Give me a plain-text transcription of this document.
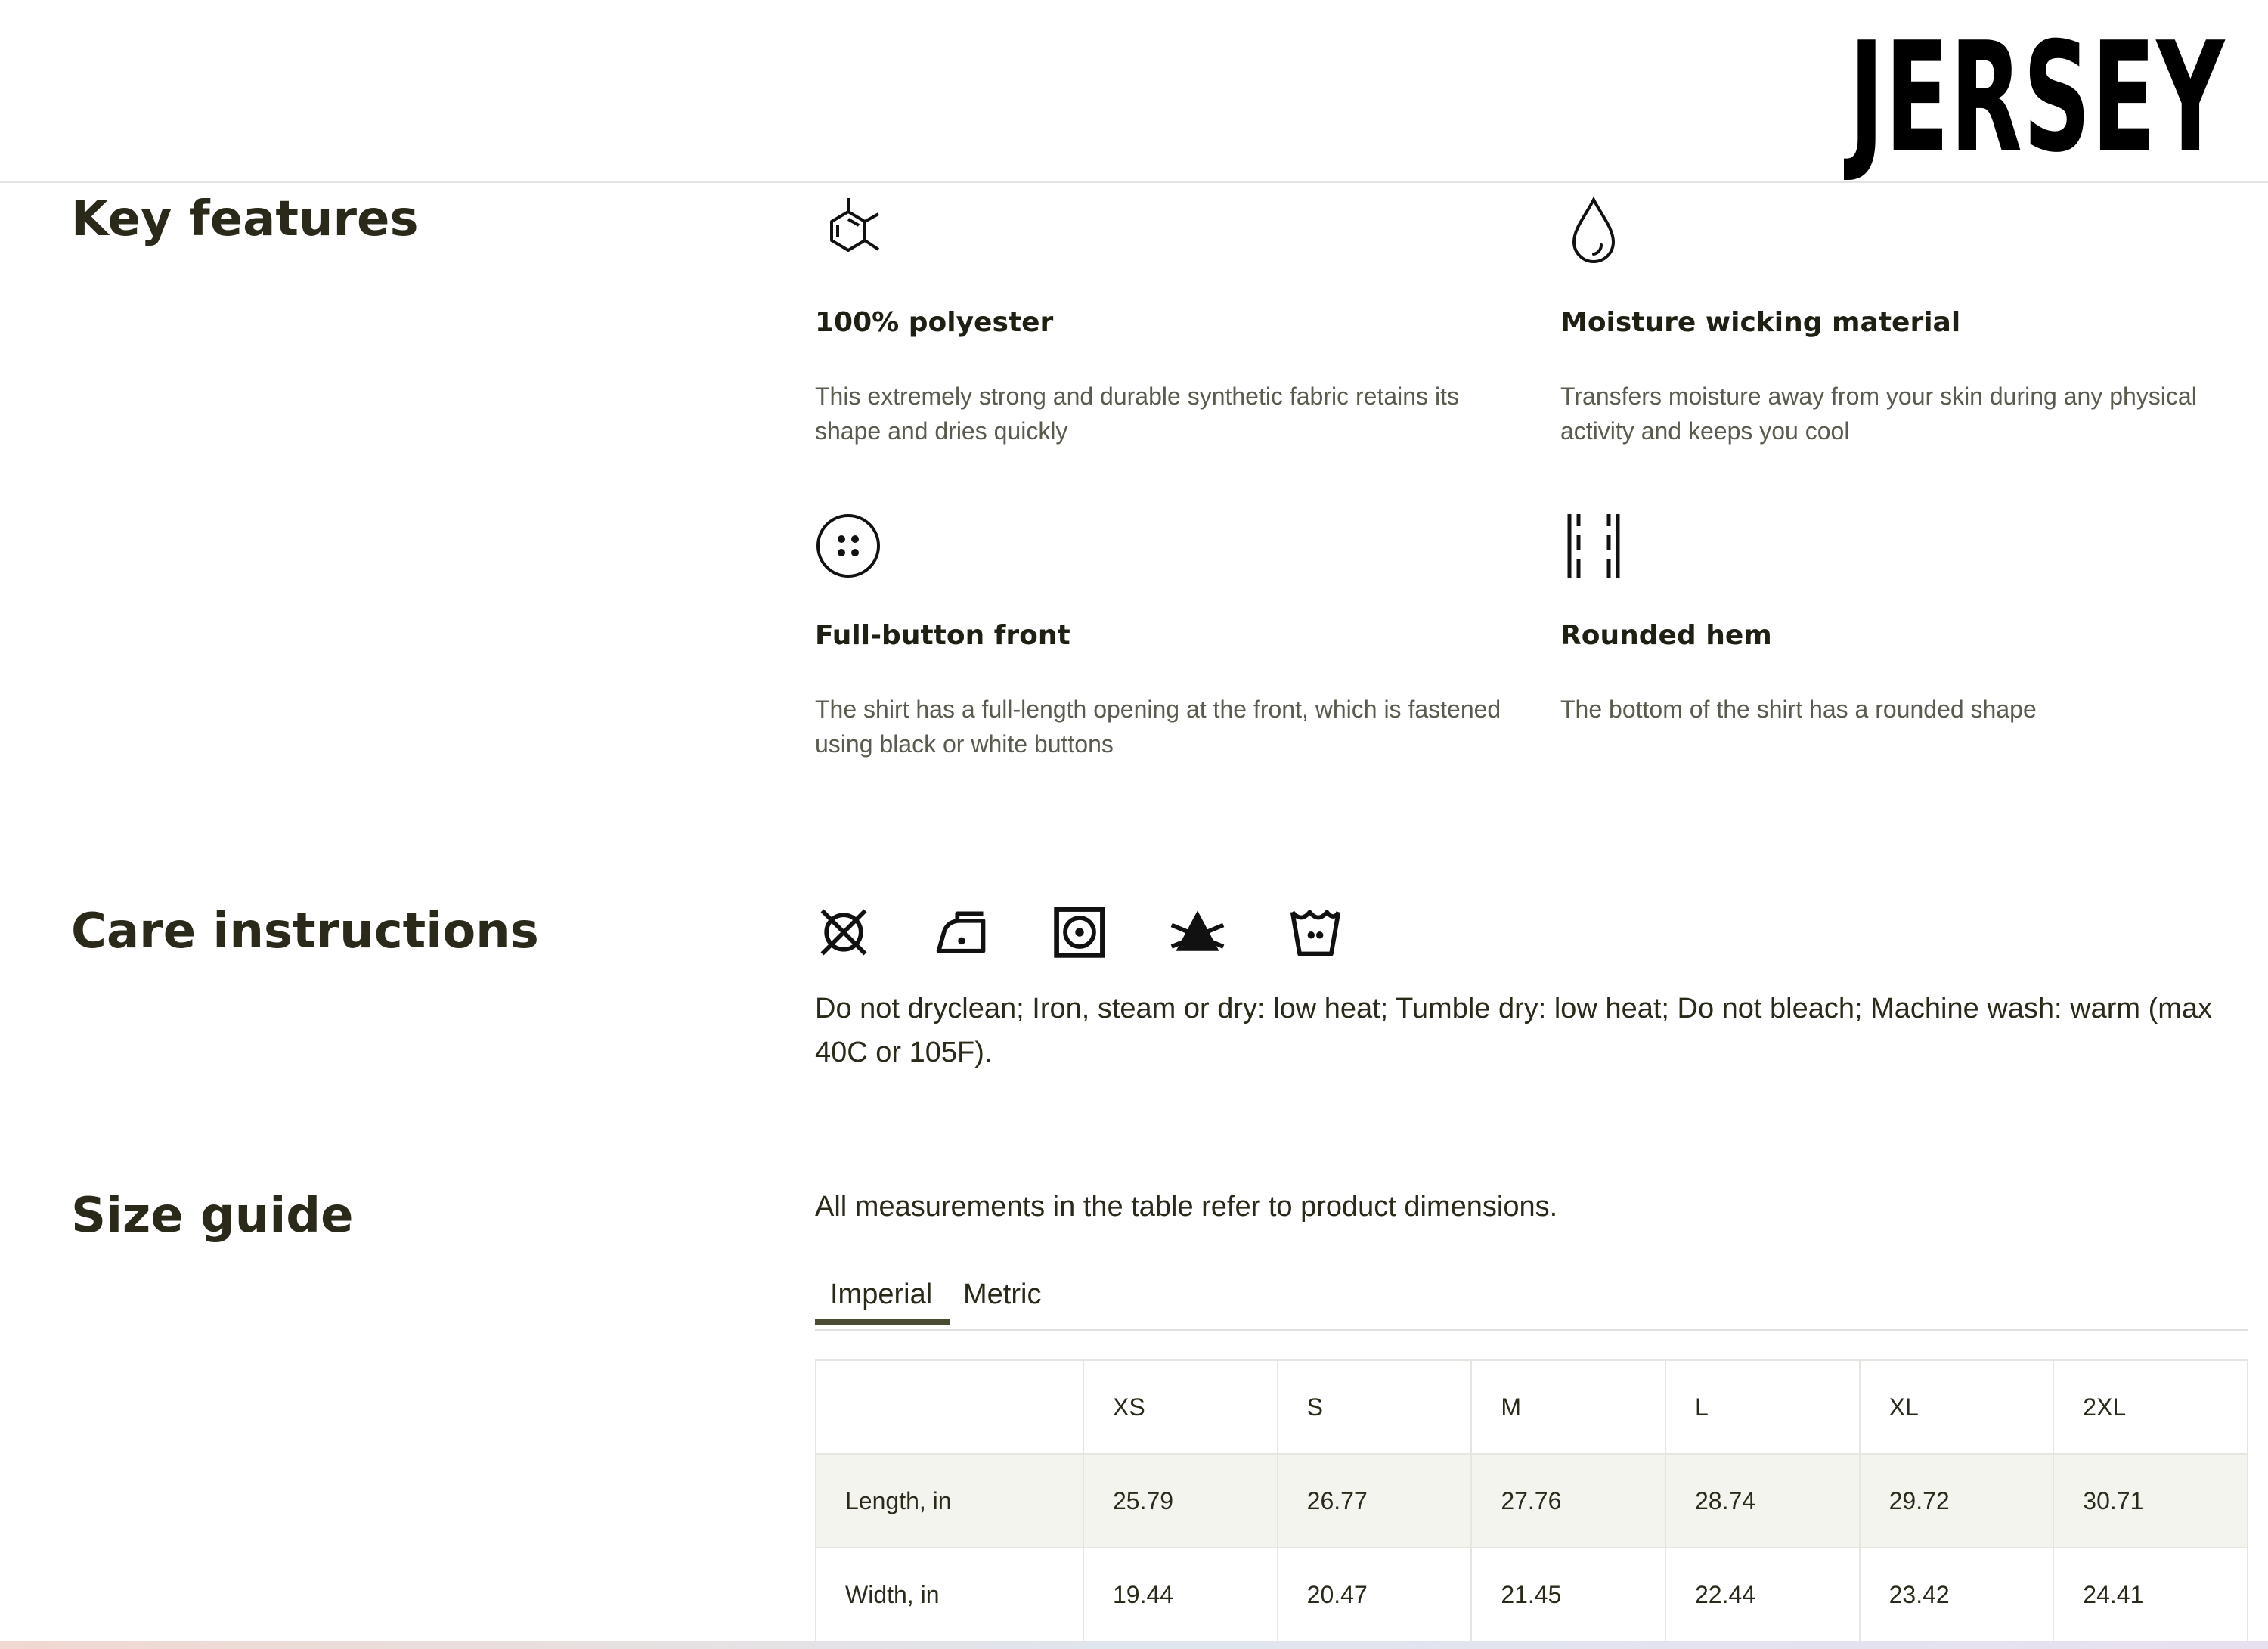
JERSEY
Key features
100% polyester
This extremely strong and durable synthetic fabric retains its shape and dries quickly
Moisture wicking material
Transfers moisture away from your skin during any physical activity and keeps you cool
Full-button front
The shirt has a full-length opening at the front, which is fastened using black or white buttons
Rounded hem
The bottom of the shirt has a rounded shape
Care instructions
Do not dryclean; Iron, steam or dry: low heat; Tumble dry: low heat; Do not bleach; Machine wash: warm (max 40C or 105F).
Size guide	All measurements in the table refer to product dimensions.
Imperial	Metric
	XS	S	M	L	XL	2XL
Length, in	25.79	26.77	27.76	28.74	29.72	30.71
Width, in	19.44	20.47	21.45	22.44	23.42	24.41
